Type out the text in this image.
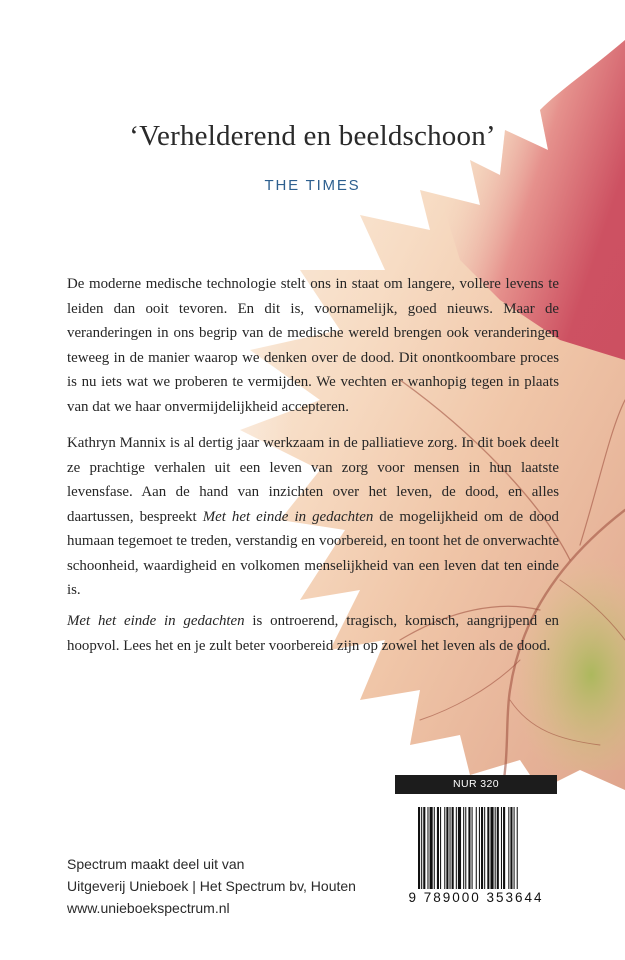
‘Verhelderend en beeldschoon’
THE TIMES

De moderne medische technologie stelt ons in staat om langere, vollere levens te leiden dan ooit tevoren. En dit is, voornamelijk, goed nieuws. Maar de veranderingen in ons begrip van de medische wereld brengen ook veranderingen teweeg in de manier waarop we denken over de dood. Dit onontkoombare proces is nu iets wat we proberen te vermijden. We vechten er wanhopig tegen in plaats van dat we haar onvermijdelijkheid accepteren.

Kathryn Mannix is al dertig jaar werkzaam in de palliatieve zorg. In dit boek deelt ze prachtige verhalen uit een leven van zorg voor mensen in hun laatste levensfase. Aan de hand van inzichten over het leven, de dood, en alles daartussen, bespreekt Met het einde in gedachten de mogelijkheid om de dood humaan tegemoet te treden, verstandig en voorbereid, en toont het de onverwachte schoonheid, waardigheid en volkomen menselijkheid van een leven dat ten einde is.

Met het einde in gedachten is ontroerend, tragisch, komisch, aangrijpend en hoopvol. Lees het en je zult beter voorbereid zijn op zowel het leven als de dood.

NUR 320
9 789000 353644
Spectrum maakt deel uit van
Uitgeverij Unieboek | Het Spectrum bv, Houten
www.unieboekspectrum.nl
